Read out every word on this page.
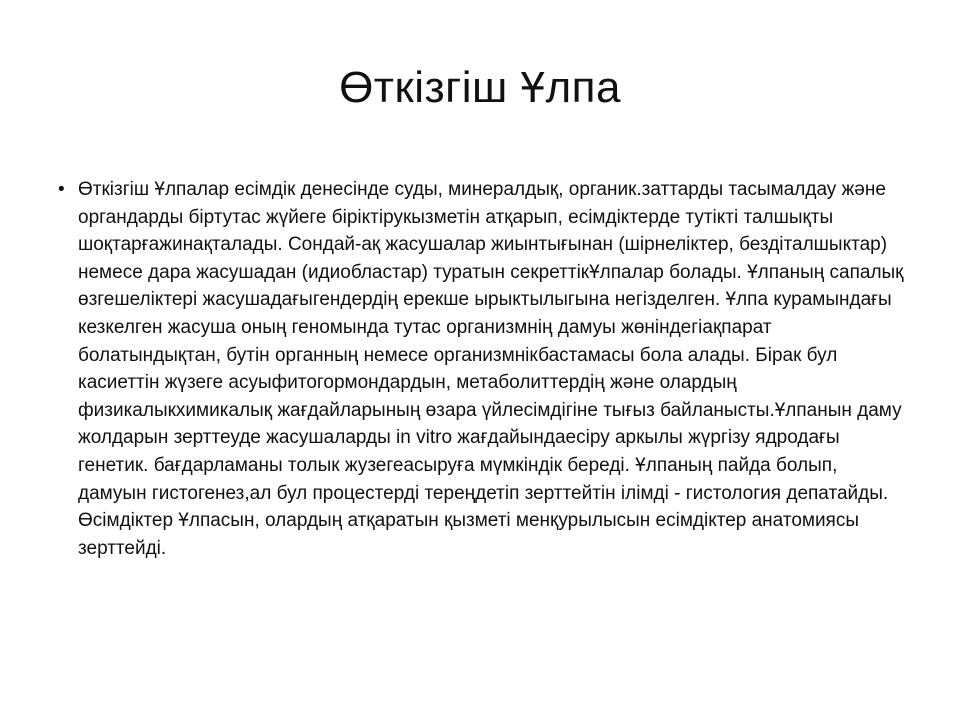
Өткізгіш Ұлпа
• Өткізгіш Ұлпалар есімдік денесінде суды, минералдық, органик.заттарды тасымалдау және органдарды біртутас жүйеге біріктірукызметін атқарып, есімдіктерде тутікті талшықты шоқтарғажинақталады. Сондай-ақ жасушалар жиынтығынан (шірнеліктер, бездіталшыктар) немесе дара жасушадан (идиобластар) туратын секреттікҰлпалар болады. Ұлпаның сапалық өзгешеліктері жасушадағыгендердің ерекше ырыктылыгына негізделген. Ұлпа курамындағы кезкелген жасуша оның геномында тутас организмнің дамуы жөніндегіақпарат болатындықтан, бутін органның немесе организмнікбастамасы бола алады. Бірак бул касиеттін жүзеге асуыфитогормондардын, метаболиттердің және олардың физикалыкхимикалық жағдайларының өзара үйлесімдігіне тығыз байланысты.Ұлпанын даму жолдарын зерттеуде жасушаларды in vitro жағдайындаесіру аркылы жүргізу ядродағы генетик. бағдарламаны толык жузегеасыруға мүмкіндік береді. Ұлпаның пайда болып, дамуын гистогенез,ал бул процестерді тереңдетіп зерттейтін ілімді - гистология депатайды. Өсімдіктер Ұлпасын, олардың атқаратын қызметі менқурылысын есімдіктер анатомиясы зерттейді.
